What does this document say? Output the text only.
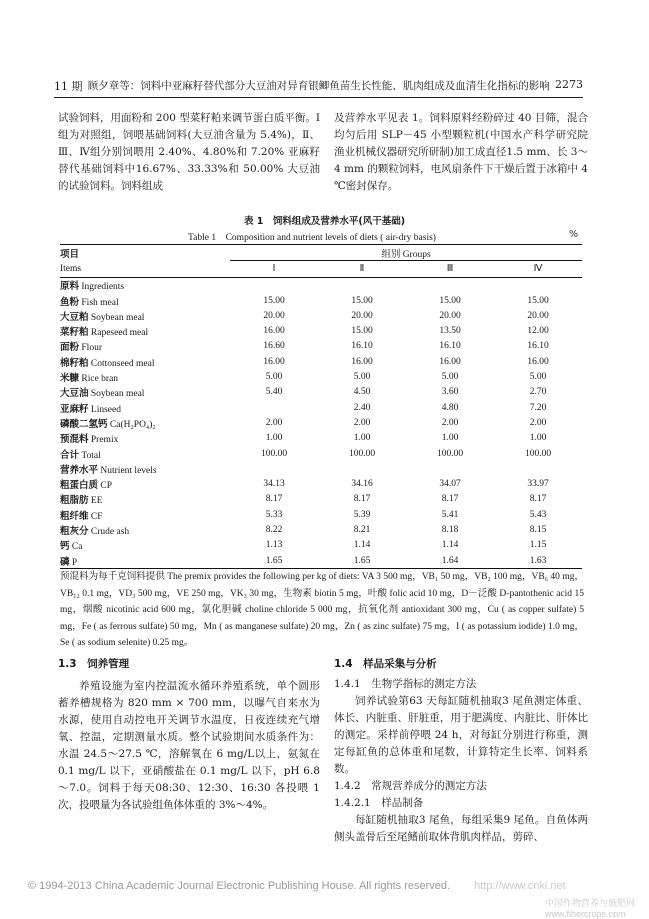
11 期 顾夕章等：饲料中亚麻籽替代部分大豆油对异育银鲫鱼苗生长性能、肌肉组成及血清生化指标的影响 2273

试验饲料，用面粉和 200 型菜籽粕来调节蛋白质平衡。Ⅰ组为对照组，饲喂基础饲料(大豆油含量为 5.4%)，Ⅱ、Ⅲ、Ⅳ组分别饲喂用 2.40%、4.80%和 7.20% 亚麻籽替代基础饲料中16.67%、33.33%和 50.00% 大豆油的试验饲料。饲料组成

及营养水平见表 1。饲料原料经粉碎过 40 目筛，混合均匀后用 SLP－45 小型颗粒机(中国水产科学研究院渔业机械仪器研究所研制)加工成直径1.5 mm、长 3～4 mm 的颗粒饲料，电风扇条件下干燥后置于冰箱中 4 ℃密封保存。

表 1　饲料组成及营养水平(风干基础)
Table 1　Composition and nutrient levels of diets ( air-dry basis)	%
项目	组别 Groups			
Items	Ⅰ	Ⅱ	Ⅲ	Ⅳ
原料 Ingredients				
鱼粉 Fish meal	15.00	15.00	15.00	15.00
大豆粕 Soybean meal	20.00	20.00	20.00	20.00
菜籽粕 Rapeseed meal	16.00	15.00	13.50	12.00
面粉 Flour	16.60	16.10	16.10	16.10
棉籽粕 Cottonseed meal	16.00	16.00	16.00	16.00
米糠 Rice bran	5.00	5.00	5.00	5.00
大豆油 Soybean meal	5.40	4.50	3.60	2.70
亚麻籽 Linseed		2.40	4.80	7.20
磷酸二氢钙 Ca(H₂PO₄)₂	2.00	2.00	2.00	2.00
预混料 Premix	1.00	1.00	1.00	1.00
合计 Total	100.00	100.00	100.00	100.00
营养水平 Nutrient levels				
粗蛋白质 CP	34.13	34.16	34.07	33.97
粗脂肪 EE	8.17	8.17	8.17	8.17
粗纤维 CF	5.33	5.39	5.41	5.43
粗灰分 Crude ash	8.22	8.21	8.18	8.15
钙 Ca	1.13	1.14	1.14	1.15
磷 P	1.65	1.65	1.64	1.63

预混料为每千克饲料提供 The premix provides the following per kg of diets: VA 3 500 mg，VB₁ 50 mg，VB₂ 100 mg，VB₆ 40 mg，VB₁₂ 0.1 mg，VD₃ 500 mg，VE 250 mg，VK₃ 30 mg，生物素 biotin 5 mg，叶酸 folic acid 10 mg，D－泛酸 D-pantothenic acid 15 mg，烟酸 nicotinic acid 600 mg，氯化胆碱 choline chloride 5 000 mg，抗氧化剂 antioxidant 300 mg，Cu ( as copper sulfate) 5 mg，Fe ( as ferrous sulfate) 50 mg，Mn ( as manganese sulfate) 20 mg，Zn ( as zinc sulfate) 75 mg，I ( as potassium iodide) 1.0 mg，Se ( as sodium selenite) 0.25 mg。

1.3　饲养管理

养殖设施为室内控温流水循环养殖系统，单个圆形蓄养槽规格为 820 mm × 700 mm，以曝气自来水为水源，使用自动控电开关调节水温度，日夜连续充气增氧、控温，定期测量水质。整个试验期间水质条件为：水温 24.5～27.5 ℃，溶解氧在 6 mg/L以上，氨氮在 0.1 mg/L 以下，亚硝酸盐在 0.1 mg/L 以下，pH 6.8～7.0。饲料于每天08:30、12:30、16:30 各投喂 1 次，投喂量为各试验组鱼体体重的 3%～4%。

1.4　样品采集与分析

1.4.1　生物学指标的测定方法

饲养试验第63 天每缸随机抽取3 尾鱼测定体重、体长、内脏重、肝脏重，用于肥满度、内脏比、肝体比的测定。采样前停喂 24 h，对每缸分别进行称重，测定每缸鱼的总体重和尾数，计算特定生长率、饲料系数。

1.4.2　常规营养成分的测定方法

1.4.2.1　样品制备

每缸随机抽取3 尾鱼，每组采集9 尾鱼。自鱼体两侧头盖骨后至尾鳍前取体背肌肉样品，剪碎、

© 1994-2013 China Academic Journal Electronic Publishing House. All rights reserved. http://www.cnki.net
中国作物营养与施肥网
www.fibercrops.com
